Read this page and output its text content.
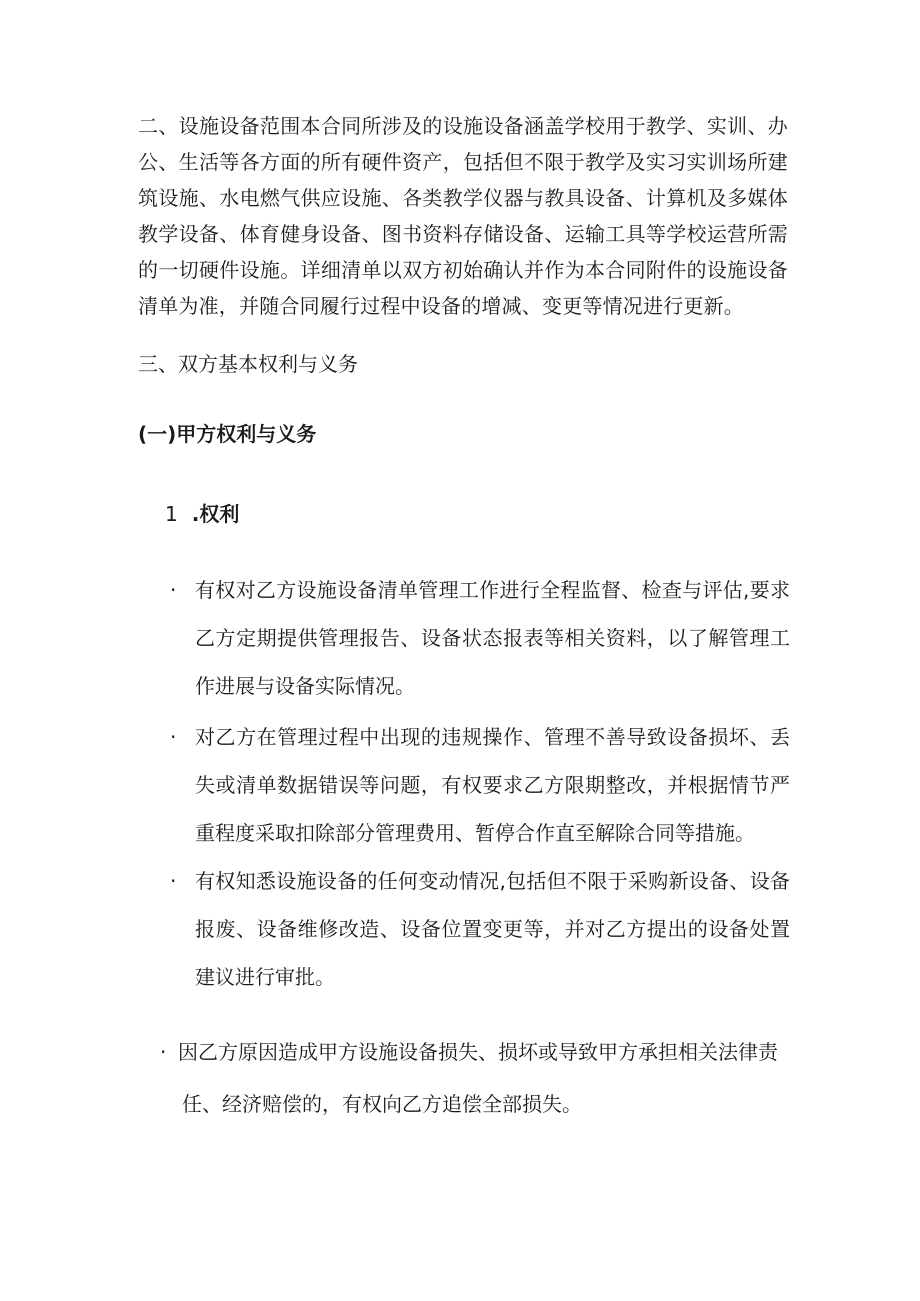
二、设施设备范围本合同所涉及的设施设备涵盖学校用于教学、实训、办公、生活等各方面的所有硬件资产，包括但不限于教学及实习实训场所建筑设施、水电燃气供应设施、各类教学仪器与教具设备、计算机及多媒体教学设备、体育健身设备、图书资料存储设备、运输工具等学校运营所需的一切硬件设施。详细清单以双方初始确认并作为本合同附件的设施设备清单为准，并随合同履行过程中设备的增减、变更等情况进行更新。
三、双方基本权利与义务
(一)甲方权利与义务
1 .权利
· 有权对乙方设施设备清单管理工作进行全程监督、检查与评估,要求乙方定期提供管理报告、设备状态报表等相关资料，以了解管理工作进展与设备实际情况。
· 对乙方在管理过程中出现的违规操作、管理不善导致设备损坏、丢失或清单数据错误等问题，有权要求乙方限期整改，并根据情节严重程度采取扣除部分管理费用、暂停合作直至解除合同等措施。
· 有权知悉设施设备的任何变动情况,包括但不限于采购新设备、设备报废、设备维修改造、设备位置变更等，并对乙方提出的设备处置建议进行审批。
· 因乙方原因造成甲方设施设备损失、损坏或导致甲方承担相关法律责
任、经济赔偿的，有权向乙方追偿全部损失。
